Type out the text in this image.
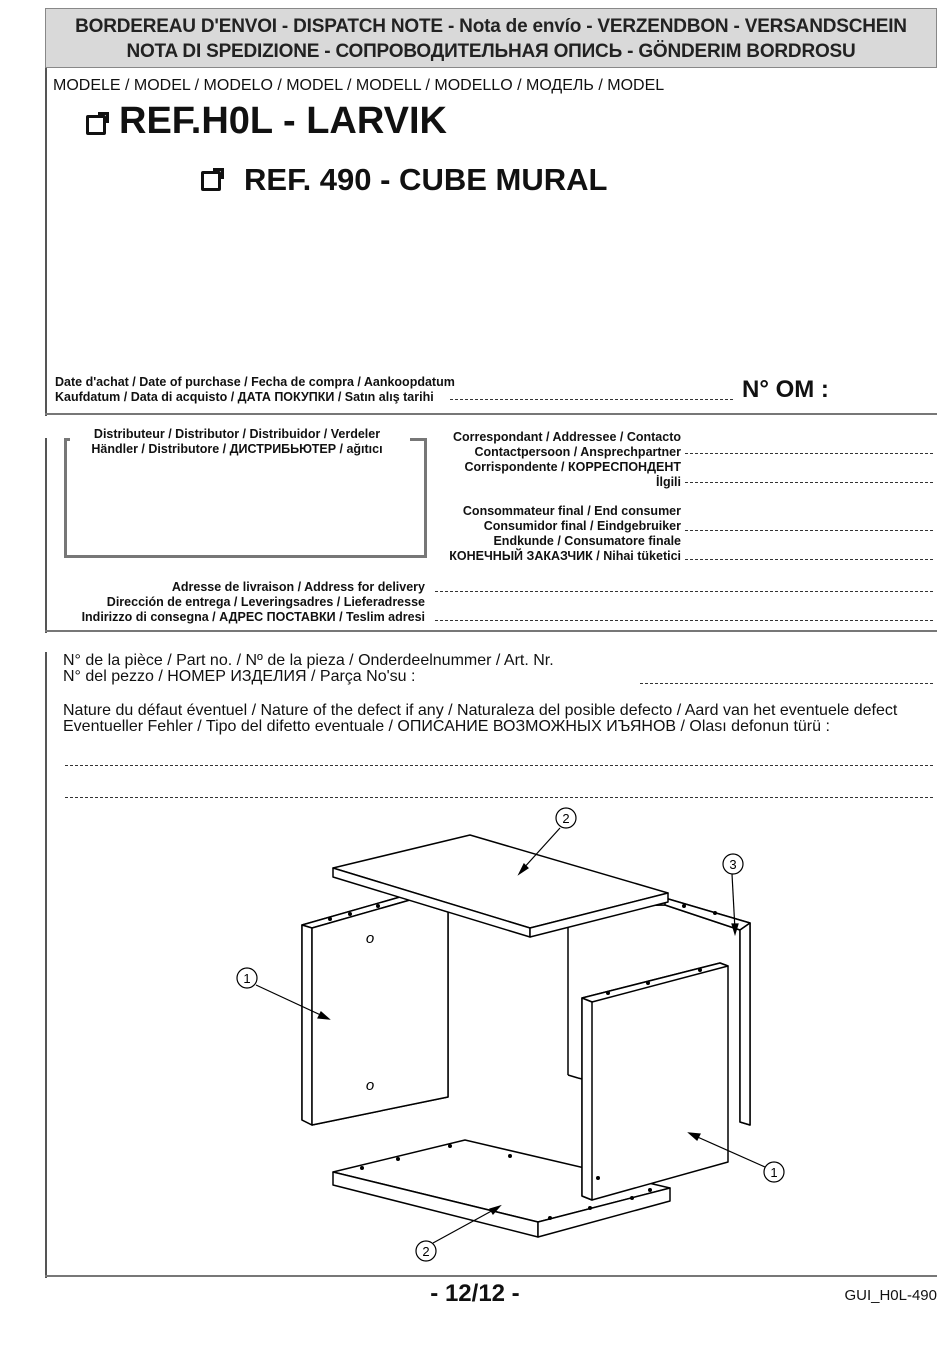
BORDEREAU D'ENVOI - DISPATCH NOTE - Nota de envío - VERZENDBON - VERSANDSCHEIN
NOTA DI SPEDIZIONE - СОПРОВОДИТЕЛЬНАЯ ОПИСЬ - GÖNDERIM BORDROSU
MODELE / MODEL / MODELO / MODEL / MODELL / MODELLO / МОДЕЛЬ / MODEL
REF.H0L - LARVIK
REF. 490 - CUBE MURAL
Date d'achat / Date of purchase / Fecha de compra / Aankoopdatum
Kaufdatum / Data di acquisto / ДАТА ПОКУПКИ / Satın alış tarihi	N° OM :
Distributeur / Distributor / Distribuidor / Verdeler
Händler / Distributore / ДИСТРИБЬЮТЕР / ağıtıcı
Correspondant / Addressee / Contacto
Contactpersoon / Ansprechpartner
Corrispondente / КОРРЕСПОНДЕНТ
İlgili
Consommateur final / End consumer
Consumidor final / Eindgebruiker
Endkunde / Consumatore finale
КОНЕЧНЫЙ ЗАКАЗЧИК / Nihai tüketici
Adresse de livraison / Address for delivery
Dirección de entrega / Leveringsadres / Lieferadresse
Indirizzo di consegna / АДРЕС ПОСТАВКИ / Teslim adresi
N° de la pièce / Part no. / Nº de la pieza / Onderdeelnummer / Art. Nr.
N° del pezzo / НОМЕР ИЗДЕЛИЯ / Parça No'su :
Nature du défaut éventuel / Nature of the defect if any / Naturaleza del posible defecto / Aard van het eventuele defect
Eventueller Fehler / Tipo del difetto eventuale / ОПИСАНИЕ ВОЗМОЖНЫХ ИЪЯНОВ / Olası defonun türü :
2
3
1
1
2
o
o
- 12/12 -	GUI_H0L-490
